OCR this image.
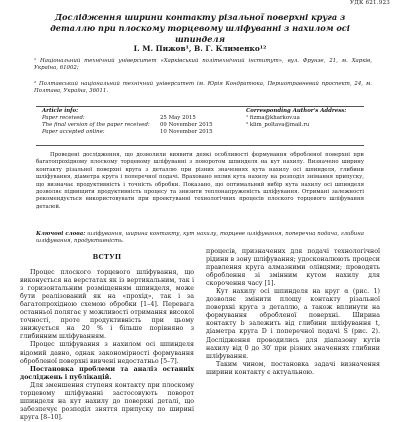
УДК 621.923
Дослідження ширини контакту різальної поверхні круга з деталлю при плоскому торцевому шліфуванні з нахилом осі шпинделя
І. М. Пижов¹, В. Г. Клименко¹²
¹ Національний технічний університет «Харківський політехнічний інститут», вул. Фрунзе, 21, м. Харків, Україна, 61002;
² Полтавський національний технічний університет ім. Юрія Кондратюка, Першотравневий проспект, 24, м. Полтава, Україна, 36011.
Article info:
Paper received:
The final version of the paper received:
Paper accepted online:
25 May 2015
09 November 2015
10 November 2015
Corresponding Author's Address:
¹ fizma@kharkov.ua
² klim_poltava@mail.ru
Проведені дослідження, що дозволили виявити деякі особливості формування обробленої поверхні при багатопрохідному плоскому торцевому шліфуванні з поворотом шпинделя на кут нахилу. Визначено ширину контакту різальної поверхні круга з деталлю при різних значеннях кута нахилу осі шпинделя, глибини шліфування, діаметра круга і поперечної подачі. Враховано вплив кута нахилу на розподіл знімання припуску, що визначає продуктивність і точність обробки. Показано, що оптимальний вибір кута нахилу осі шпинделя дозволяє підвищити продуктивність процесу та знизити теплонапруженість шліфування. Отримані залежності рекомендується використовувати при проектуванні технологічних процесів плоского торцевого шліфування деталей.
Ключові слова: шліфування, ширина контакту, кут нахилу, торцеве шліфування, поперечна подача, глибина шліфування, продуктивність.
ВСТУП

Процес плоского торцевого шліфування, що виконується на верстатах як із вертикальним, так і з горизонтальним розміщенням шпинделя, може бути реалізований як на «прохід», так і за багатопрохідною схемою обробки [1–4]. Перевага останньої полягає у можливості отримання високої точності, проте продуктивність при цьому знижується на 20 % і більше порівняно з глибинним шліфуванням.

Процес шліфування з нахилом осі шпинделя відомий давно, однак закономірності формування обробленої поверхні вивчені недостатньо [5–7].

Постановка проблеми та аналіз останніх досліджень і публікацій.

Для зменшення ступеня контакту при плоскому торцевому шліфуванні застосовують поворот шпинделя на кут нахилу до поверхні деталі, що забезпечує розподіл зняття припуску по ширині круга [8–10].

процесів, призначених для подачі технологічної рідини в зону шліфування; удосконалюють процеси правлення круга алмазними олівцями; проводять оброблення зі змінним кутом нахилу для скорочення часу [1].

Кут нахилу осі шпинделя на круг α (рис. 1) дозволяє змінити площу контакту різальної поверхні круга з деталлю, а також вплинути на формування обробленої поверхні. Ширина контакту b залежить від глибини шліфування t, діаметра круга D і поперечної подачі S (рис. 2). Дослідження проводились для діапазону кутів нахилу від 0 до 30′ при різних значеннях глибини шліфування.

Таким чином, постановка задачі визначення ширини контакту є актуальною.
